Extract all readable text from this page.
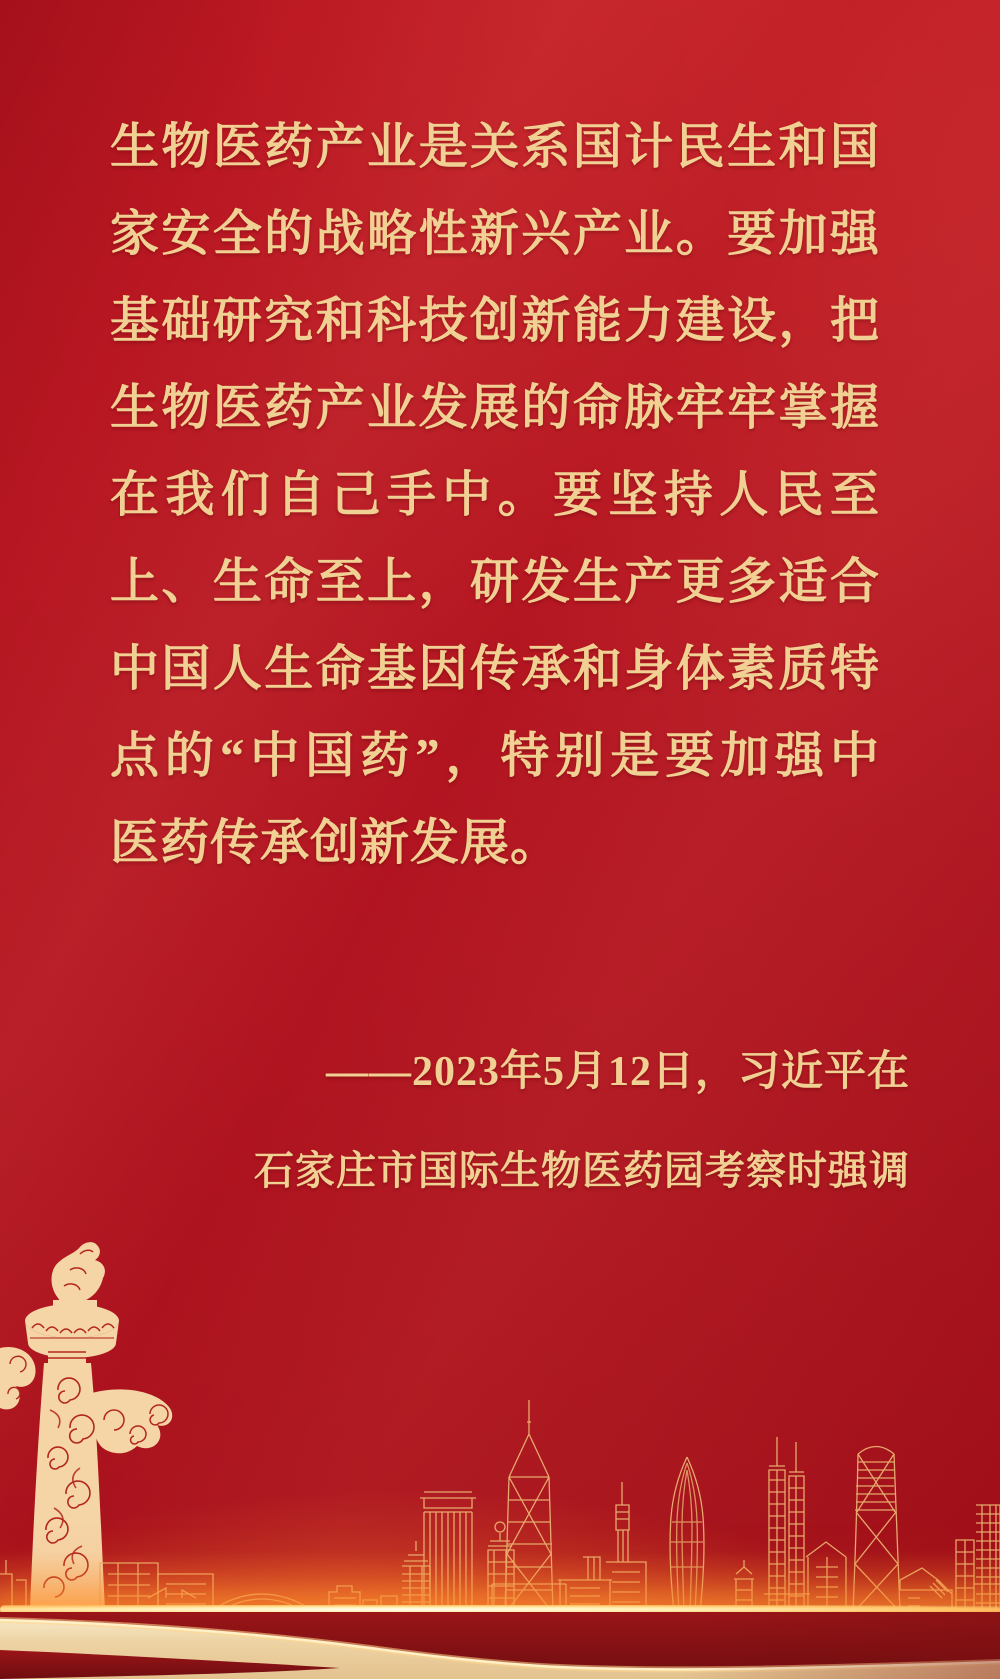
生物医药产业是关系国计民生和国
家安全的战略性新兴产业。要加强
基础研究和科技创新能力建设，把
生物医药产业发展的命脉牢牢掌握
在我们自己手中。要坚持人民至
上、生命至上，研发生产更多适合
中国人生命基因传承和身体素质特
点的“中国药”，特别是要加强中
医药传承创新发展。
——2023年5月12日，习近平在
石家庄市国际生物医药园考察时强调
